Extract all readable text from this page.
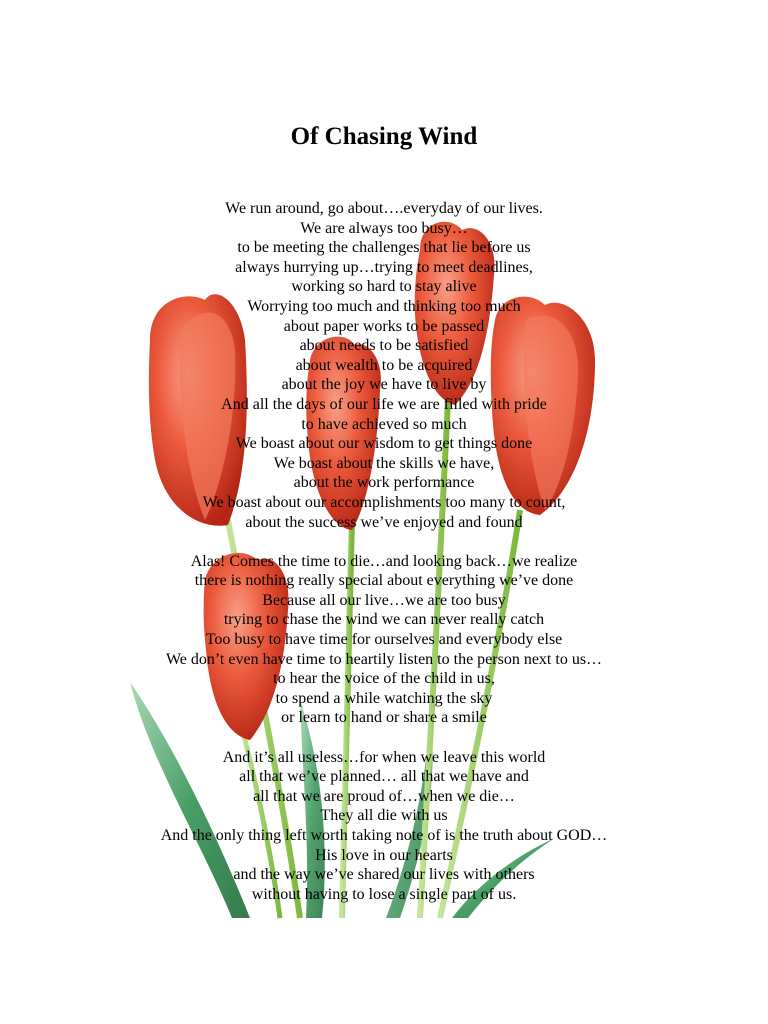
Of Chasing Wind
We run around, go about….everyday of our lives.
We are always too busy…
to be meeting the challenges that lie before us
always hurrying up…trying to meet deadlines,
working so hard to stay alive
Worrying too much and thinking too much
about paper works to be passed
about needs to be satisfied
about wealth to be acquired
about the joy we have to live by
And all the days of our life we are filled with pride
to have achieved so much
We boast about our wisdom to get things done
We boast about the skills we have,
about the work performance
We boast about our accomplishments too many to count,
about the success we’ve enjoyed and found
Alas! Comes the time to die…and looking back…we realize
there is nothing really special about everything we’ve done
Because all our live…we are too busy
trying to chase the wind we can never really catch
Too busy to have time for ourselves and everybody else
We don’t even have time to heartily listen to the person next to us…
to hear the voice of the child in us,
to spend a while watching the sky
or learn to hand or share a smile
And it’s all useless…for when we leave this world
all that we’ve planned… all that we have and
all that we are proud of…when we die…
They all die with us
And the only thing left worth taking note of is the truth about GOD…
His love in our hearts
and the way we’ve shared our lives with others
without having to lose a single part of us.
